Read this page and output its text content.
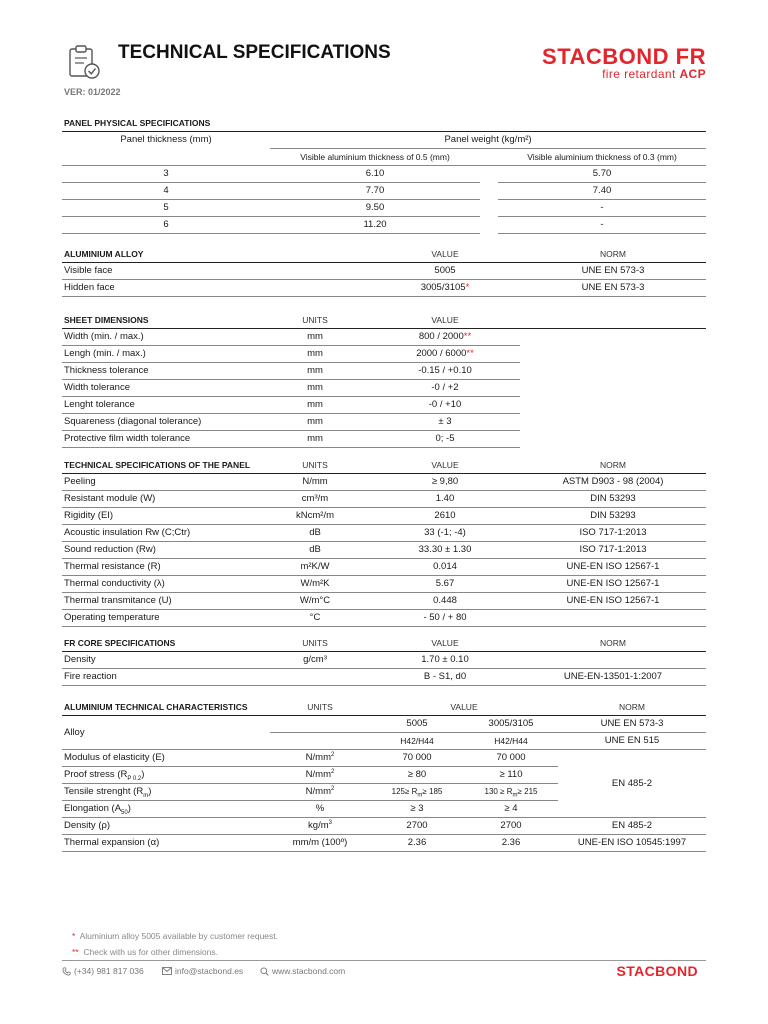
TECHNICAL SPECIFICATIONS	STACBOND FR
fire retardant ACP
VER: 01/2022
PANEL PHYSICAL SPECIFICATIONS
Panel thickness (mm)	Panel weight (kg/m²)		
	Visible aluminium thickness of 0.5 (mm)		Visible aluminium thickness of 0.3 (mm)
3	6.10		5.70
4	7.70		7.40
5	9.50		-
6	11.20		-
ALUMINIUM ALLOY		VALUE	NORM
Visible face		5005	UNE EN 573-3
Hidden face		3005/3105*	UNE EN 573-3
SHEET DIMENSIONS	UNITS	VALUE	
Width (min. / max.)	mm	800 / 2000**	
Lengh (min. / max.)	mm	2000 / 6000**	
Thickness tolerance	mm	-0.15 / +0.10	
Width tolerance	mm	-0 / +2	
Lenght tolerance	mm	-0 / +10	
Squareness (diagonal tolerance)	mm	± 3	
Protective film width tolerance	mm	0; -5	
TECHNICAL SPECIFICATIONS OF THE PANEL	UNITS	VALUE	NORM
Peeling	N/mm	≥ 9,80	ASTM D903 - 98 (2004)
Resistant module (W)	cm³/m	1.40	DIN 53293
Rigidity (EI)	kNcm²/m	2610	DIN 53293
Acoustic insulation Rw (C;Ctr)	dB	33 (-1; -4)	ISO 717-1:2013
Sound reduction (Rw)	dB	33.30 ± 1.30	ISO 717-1:2013
Thermal resistance (R)	m²K/W	0.014	UNE-EN ISO 12567-1
Thermal conductivity (λ)	W/m²K	5.67	UNE-EN ISO 12567-1
Thermal transmitance (U)	W/m°C	0.448	UNE-EN ISO 12567-1
Operating temperature	°C	- 50 / + 80	
FR CORE SPECIFICATIONS	UNITS	VALUE	NORM
Density	g/cm³	1.70 ± 0.10	
Fire reaction		B - S1, d0	UNE-EN-13501-1:2007
ALUMINIUM TECHNICAL CHARACTERISTICS	UNITS	VALUE		NORM
Alloy		5005	3005/3105	UNE EN 573-3
		H42/H44	H42/H44	UNE EN 515
Modulus of elasticity (E)	$N/mm^2$	70 000	70 000	EN 485-2
Proof stress $(R_{P 0.2})$	$N/mm^2$	≥ 80	≥ 110	
Tensile strenght $(R_m)$	$N/mm^2$	$125\ge R_m\ge 185$	$130 \ge R_m\ge 215$	
Elongation $(A_{50})$	%	≥ 3	≥ 4	
Density (ρ)	$kg/m^3$	2700	2700	EN 485-2
Thermal expansion (α)	mm/m (100º)	2.36	2.36	UNE-EN ISO 10545:1997
* Aluminium alloy 5005 available by customer request.
** Check with us for other dimensions.
(+34) 981 817 036	info@stacbond.es	www.stacbond.com	STACBOND
